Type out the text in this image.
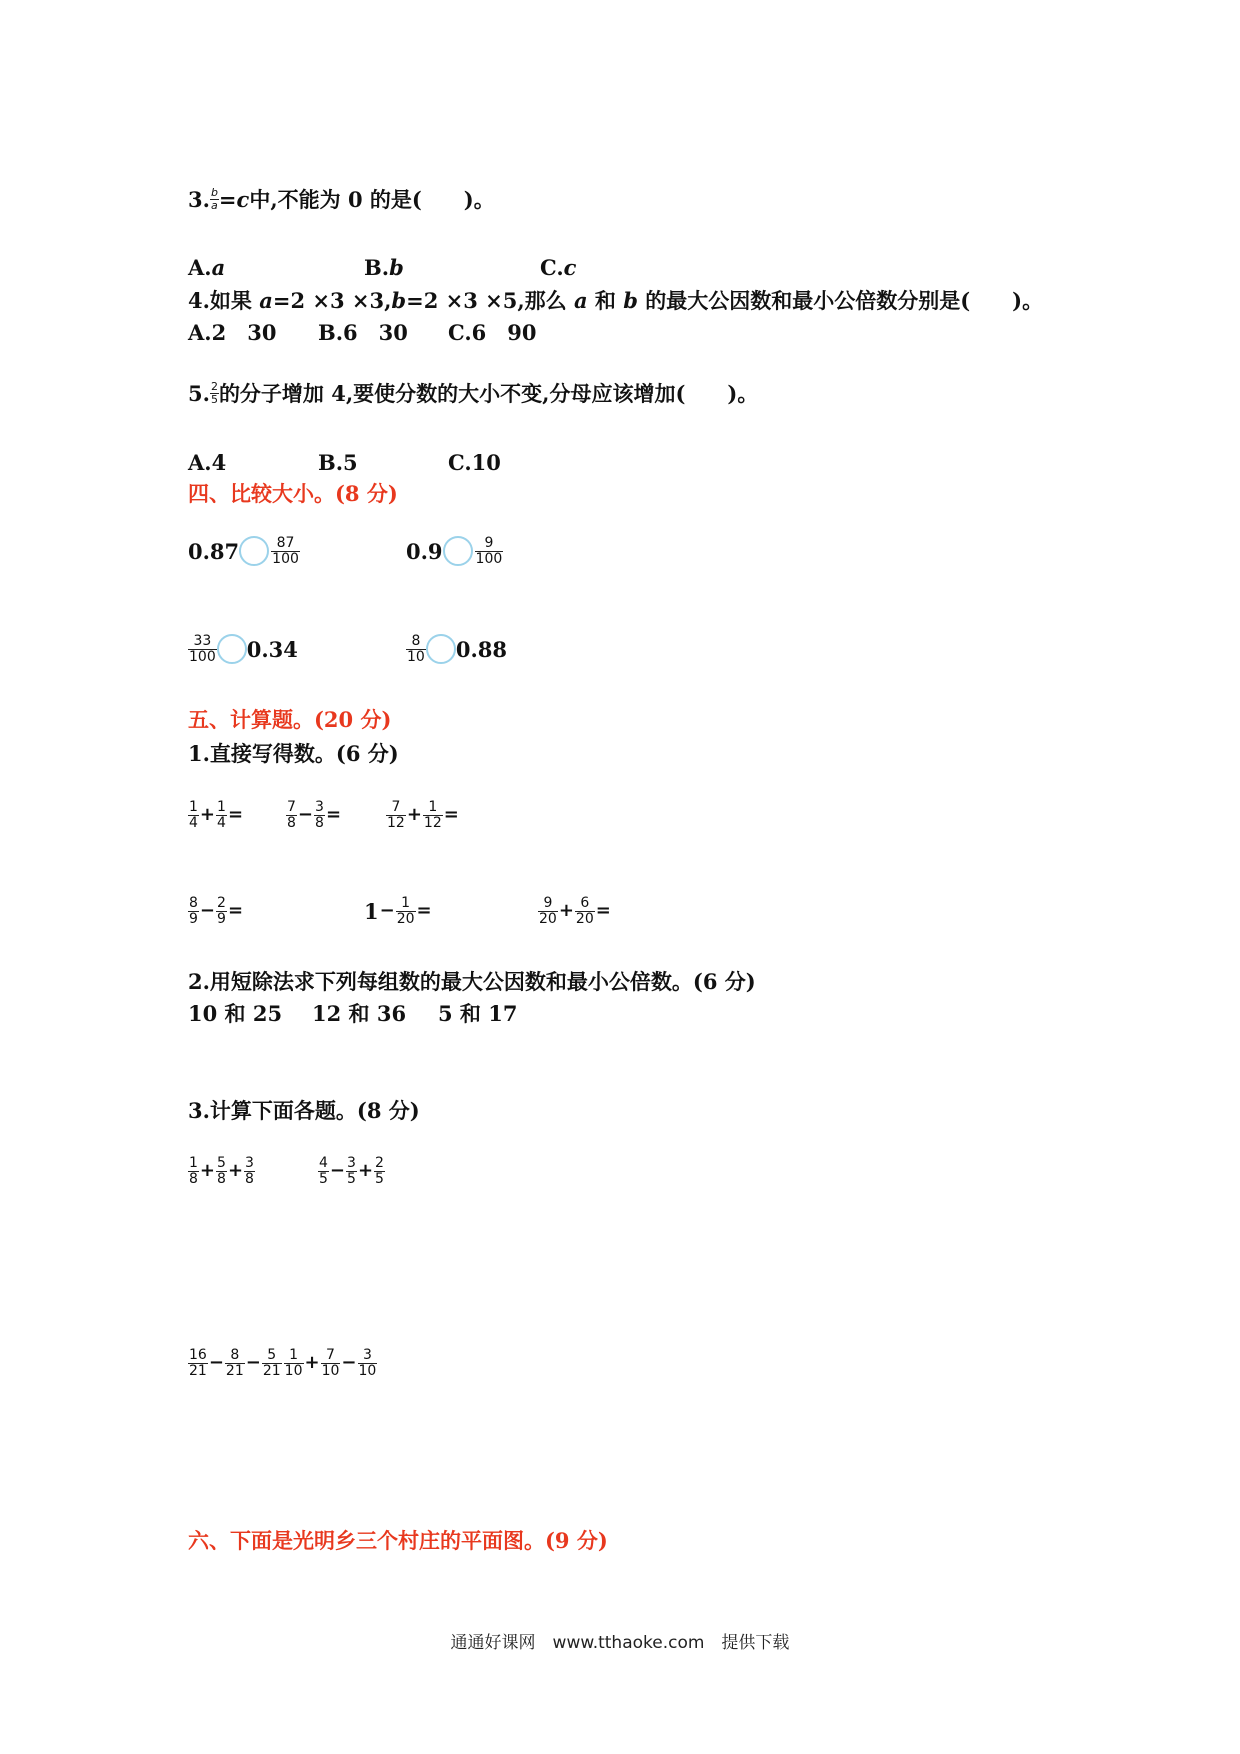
3. $\frac{b}{a} = c$ 中,不能为 0 的是(　　)。
A.a	B.b	C.c
4.如果 a=2 ×3 ×3,b=2 ×3 ×5,那么 a 和 b 的最大公因数和最小公倍数分别是(　　)。
A.2　30 B.6　30 C.6　90
5. $\frac{2}{5}$ 的分子增加 4,要使分数的大小不变,分母应该增加(　　)。
A.4	B.5	C.10
四、比较大小。(8 分)
$0.87 \frac{87}{100}$	$0.9 \frac{9}{100}$
$\frac{33}{100} 0.34$	$\frac{8}{10} 0.88$
五、计算题。(20 分)
1.直接写得数。(6 分)
$\frac{1}{4} + \frac{1}{4}$ =	$\frac{7}{8} - \frac{3}{8}$ =	$\frac{7}{12} + \frac{1}{12}$ =
$\frac{8}{9} - \frac{2}{9}$ =	$1 - \frac{1}{20}$ =	$\frac{9}{20} + \frac{6}{20}$ =
2.用短除法求下列每组数的最大公因数和最小公倍数。(6 分)
10 和 25 12 和 36 5 和 17
3.计算下面各题。(8 分)
$\frac{1}{8} + \frac{5}{8} + \frac{3}{8}$	$\frac{4}{5} - \frac{3}{5} + \frac{2}{5}$
$\frac{16}{21} - \frac{8}{21} - \frac{5}{21} \frac{1}{10} + \frac{7}{10} - \frac{3}{10}$
六、下面是光明乡三个村庄的平面图。(9 分)
通通好课网　www.tthaoke.com　提供下载
